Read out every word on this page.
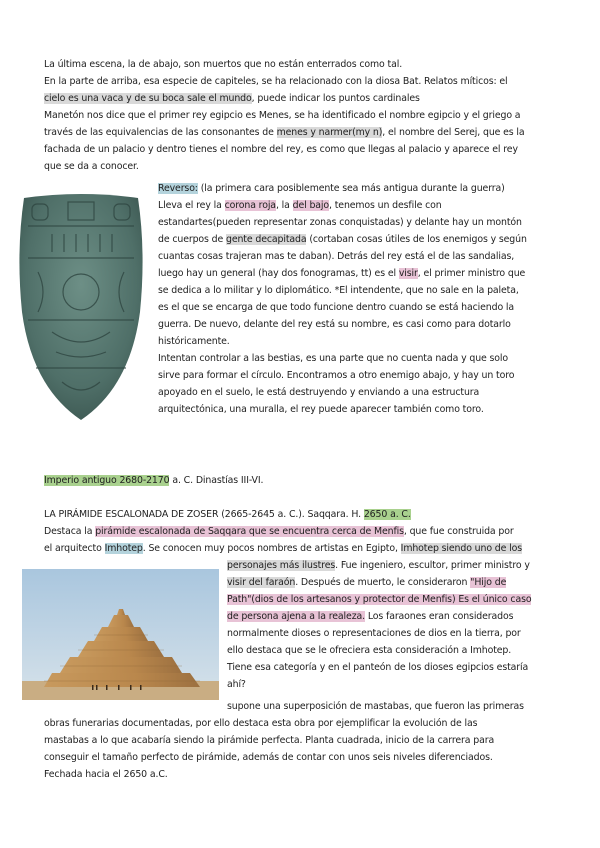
La última escena, la de abajo, son muertos que no están enterrados como tal.
En la parte de arriba, esa especie de capiteles, se ha relacionado con la diosa Bat. Relatos míticos: el
cielo es una vaca y de su boca sale el mundo, puede indicar los puntos cardinales
Manetón nos dice que el primer rey egipcio es Menes, se ha identificado el nombre egipcio y el griego a
través de las equivalencias de las consonantes de menes y narmer(my n), el nombre del Serej, que es la
fachada de un palacio y dentro tienes el nombre del rey, es como que llegas al palacio y aparece el rey
que se da a conocer.
Reverso: (la primera cara posiblemente sea más antigua durante la guerra)
Lleva el rey la corona roja, la del bajo, tenemos un desfile con
estandartes(pueden representar zonas conquistadas) y delante hay un montón
de cuerpos de gente decapitada (cortaban cosas útiles de los enemigos y según
cuantas cosas trajeran mas te daban). Detrás del rey está el de las sandalias,
luego hay un general (hay dos fonogramas, tt) es el visir, el primer ministro que
se dedica a lo militar y lo diplomático. *El intendente, que no sale en la paleta,
es el que se encarga de que todo funcione dentro cuando se está haciendo la
guerra. De nuevo, delante del rey está su nombre, es casi como para dotarlo
históricamente.
Intentan controlar a las bestias, es una parte que no cuenta nada y que solo
sirve para formar el círculo. Encontramos a otro enemigo abajo, y hay un toro
apoyado en el suelo, le está destruyendo y enviando a una estructura
arquitectónica, una muralla, el rey puede aparecer también como toro.
Imperio antiguo 2680-2170 a. C. Dinastías III-VI.
LA PIRÁMIDE ESCALONADA DE ZOSER (2665-2645 a. C.). Saqqara. H. 2650 a. C.
Destaca la pirámide escalonada de Saqqara que se encuentra cerca de Menfis, que fue construida por
el arquitecto Imhotep. Se conocen muy pocos nombres de artistas en Egipto, Imhotep siendo uno de los
personajes más ilustres. Fue ingeniero, escultor, primer ministro y
visir del faraón. Después de muerto, le consideraron "Hijo de
Path"(dios de los artesanos y protector de Menfis) Es el único caso
de persona ajena a la realeza. Los faraones eran considerados
normalmente dioses o representaciones de dios en la tierra, por
ello destaca que se le ofreciera esta consideración a Imhotep.
Tiene esa categoría y en el panteón de los dioses egipcios estaría
ahí?
supone una superposición de mastabas, que fueron las primeras
obras funerarias documentadas, por ello destaca esta obra por ejemplificar la evolución de las
mastabas a lo que acabaría siendo la pirámide perfecta. Planta cuadrada, inicio de la carrera para
conseguir el tamaño perfecto de pirámide, además de contar con unos seis niveles diferenciados.
Fechada hacia el 2650 a.C.
